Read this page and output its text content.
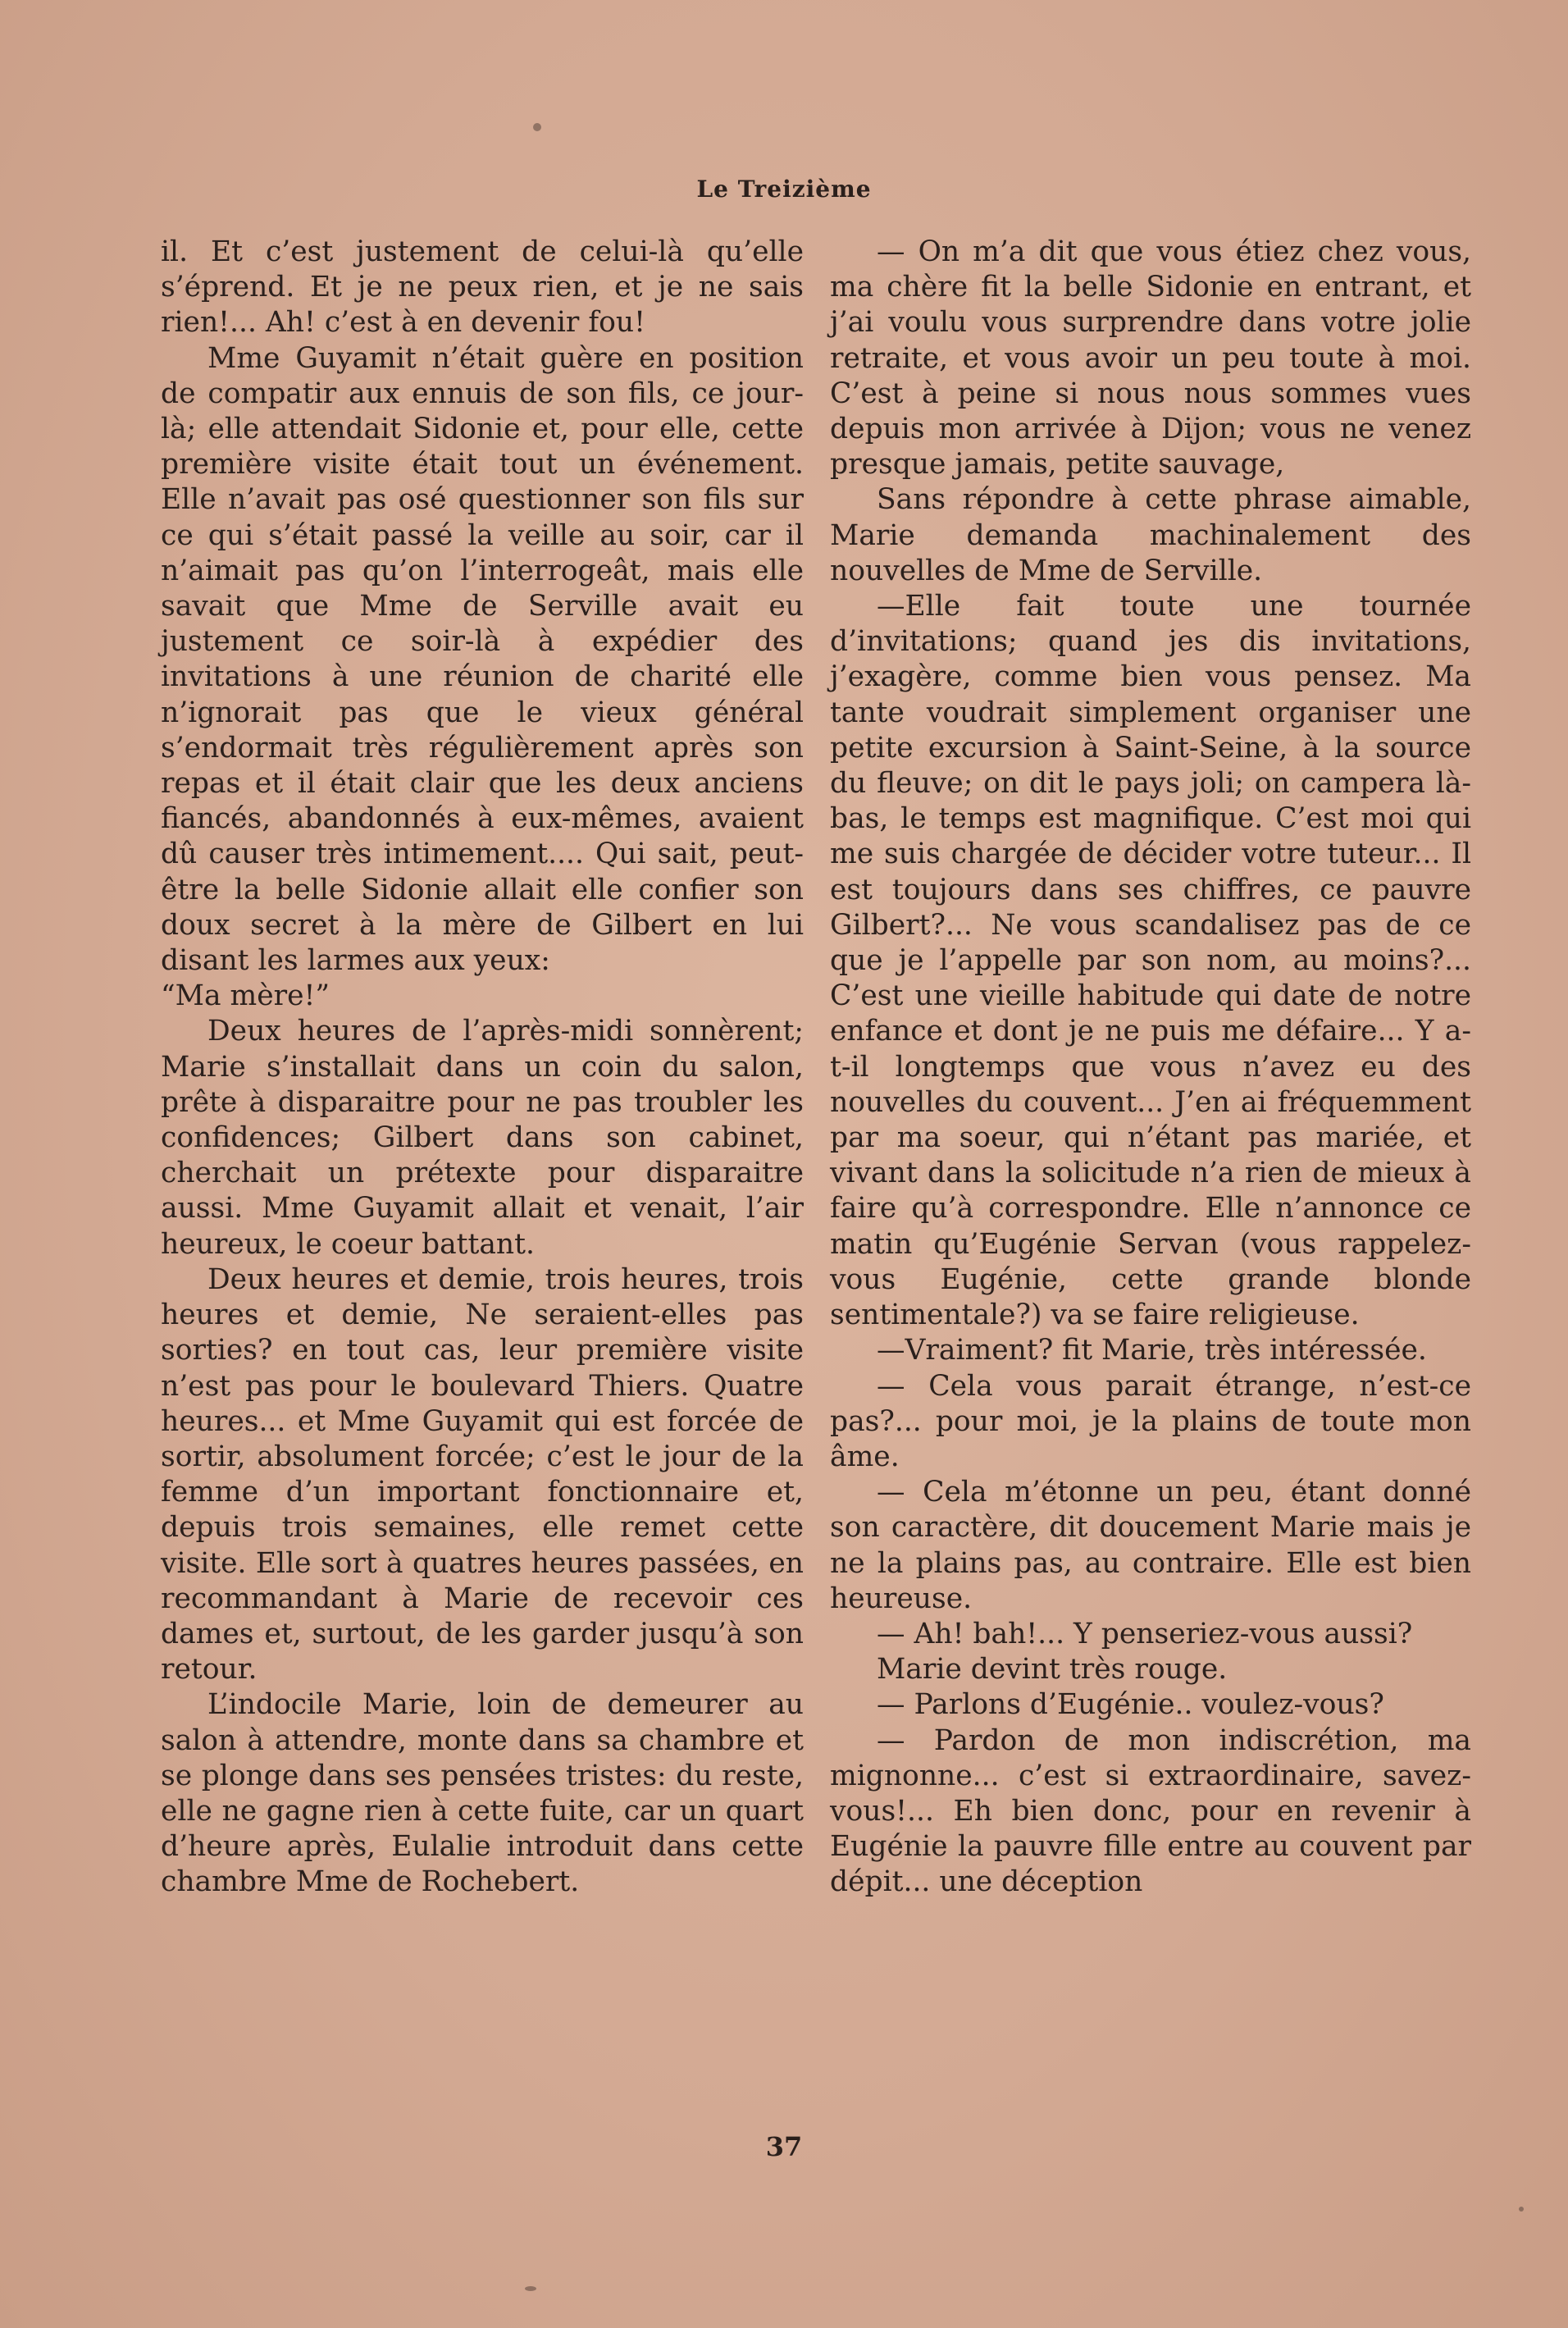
Le Treizième

il. Et c’est justement de celui-là qu’elle s’éprend. Et je ne peux rien, et je ne sais rien!... Ah! c’est à en devenir fou!

Mme Guyamit n’était guère en position de compatir aux ennuis de son fils, ce jour-là; elle attendait Sidonie et, pour elle, cette première visite était tout un événement. Elle n’avait pas osé questionner son fils sur ce qui s’était passé la veille au soir, car il n’aimait pas qu’on l’interrogeât, mais elle savait que Mme de Serville avait eu justement ce soir-là à expédier des invitations à une réunion de charité elle n’ignorait pas que le vieux général s’endormait très régulièrement après son repas et il était clair que les deux anciens fiancés, abandonnés à eux-mêmes, avaient dû causer très intimement.... Qui sait, peut-être la belle Sidonie allait elle confier son doux secret à la mère de Gilbert en lui disant les larmes aux yeux:

“Ma mère!”

Deux heures de l’après-midi sonnèrent; Marie s’installait dans un coin du salon, prête à disparaitre pour ne pas troubler les confidences; Gilbert dans son cabinet, cherchait un prétexte pour disparaitre aussi. Mme Guyamit allait et venait, l’air heureux, le coeur battant.

Deux heures et demie, trois heures, trois heures et demie, Ne seraient-elles pas sorties? en tout cas, leur première visite n’est pas pour le boulevard Thiers. Quatre heures... et Mme Guyamit qui est forcée de sortir, absolument forcée; c’est le jour de la femme d’un important fonctionnaire et, depuis trois semaines, elle remet cette visite. Elle sort à quatres heures passées, en recommandant à Marie de recevoir ces dames et, surtout, de les garder jusqu’à son retour.

L’indocile Marie, loin de demeurer au salon à attendre, monte dans sa chambre et se plonge dans ses pensées tristes: du reste, elle ne gagne rien à cette fuite, car un quart d’heure après, Eulalie introduit dans cette chambre Mme de Rochebert.

— On m’a dit que vous étiez chez vous, ma chère fit la belle Sidonie en entrant, et j’ai voulu vous surprendre dans votre jolie retraite, et vous avoir un peu toute à moi. C’est à peine si nous nous sommes vues depuis mon arrivée à Dijon; vous ne venez presque jamais, petite sauvage,

Sans répondre à cette phrase aimable, Marie demanda machinalement des nouvelles de Mme de Serville.

—Elle fait toute une tournée d’invitations; quand jes dis invitations, j’exagère, comme bien vous pensez. Ma tante voudrait simplement organiser une petite excursion à Saint-Seine, à la source du fleuve; on dit le pays joli; on campera là-bas, le temps est magnifique. C’est moi qui me suis chargée de décider votre tuteur... Il est toujours dans ses chiffres, ce pauvre Gilbert?... Ne vous scandalisez pas de ce que je l’appelle par son nom, au moins?... C’est une vieille habitude qui date de notre enfance et dont je ne puis me défaire... Y a-t-il longtemps que vous n’avez eu des nouvelles du couvent... J’en ai fréquemment par ma soeur, qui n’étant pas mariée, et vivant dans la solicitude n’a rien de mieux à faire qu’à correspondre. Elle n’annonce ce matin qu’Eugénie Servan (vous rappelez-vous Eugénie, cette grande blonde sentimentale?) va se faire religieuse.

—Vraiment? fit Marie, très intéressée.

— Cela vous parait étrange, n’est-ce pas?... pour moi, je la plains de toute mon âme.

— Cela m’étonne un peu, étant donné son caractère, dit doucement Marie mais je ne la plains pas, au contraire. Elle est bien heureuse.

— Ah! bah!... Y penseriez-vous aussi?

Marie devint très rouge.

— Parlons d’Eugénie.. voulez-vous?

— Pardon de mon indiscrétion, ma mignonne... c’est si extraordinaire, savez-vous!... Eh bien donc, pour en revenir à Eugénie la pauvre fille entre au couvent par dépit... une déception

37
